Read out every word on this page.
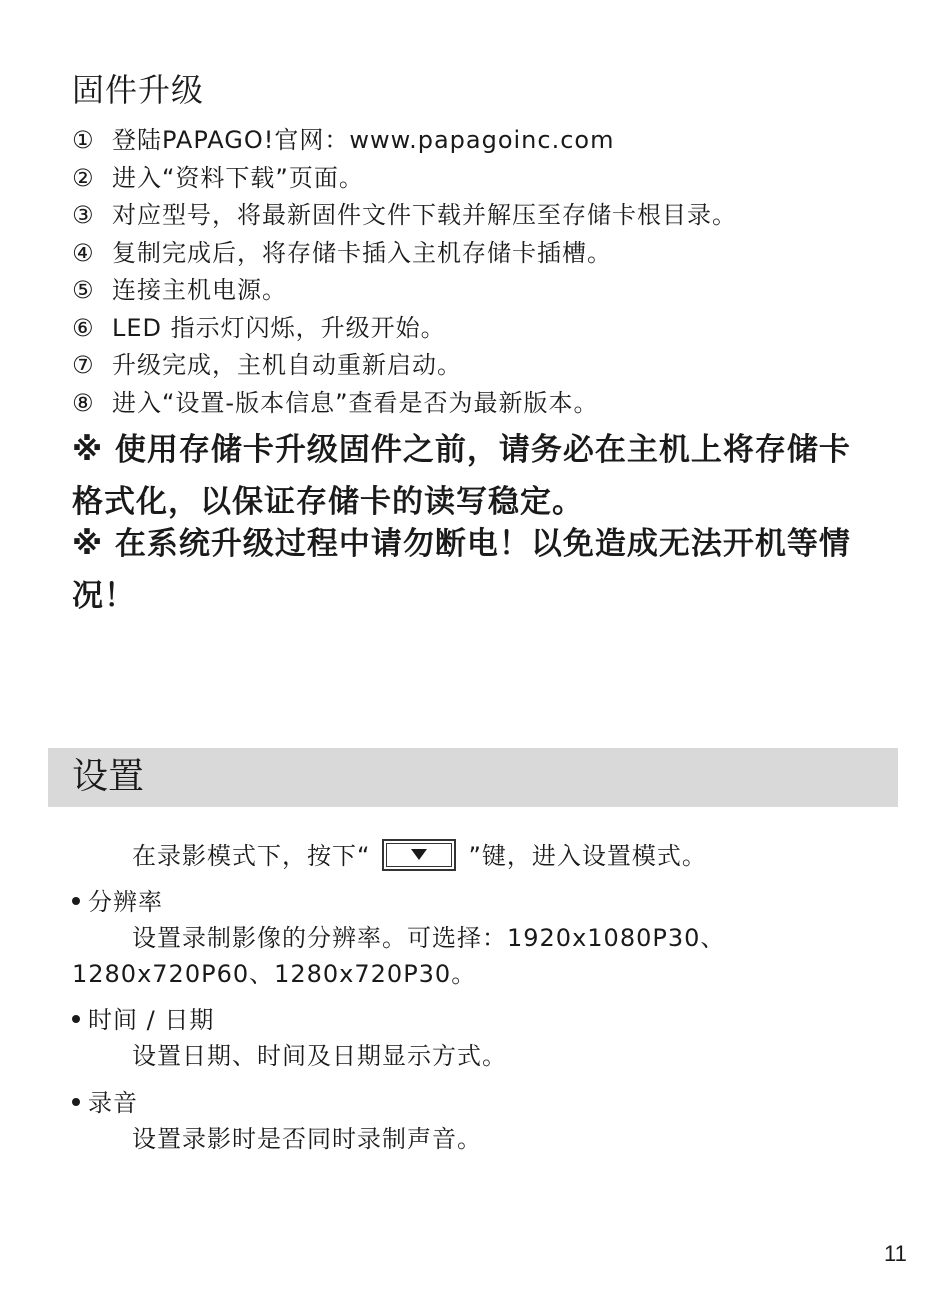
固件升级
① 登陆PAPAGO!官网：www.papagoinc.com
② 进入“资料下载”页面。
③ 对应型号，将最新固件文件下载并解压至存储卡根目录。
④ 复制完成后，将存储卡插入主机存储卡插槽。
⑤ 连接主机电源。
⑥ LED 指示灯闪烁，升级开始。
⑦ 升级完成，主机自动重新启动。
⑧ 进入“设置-版本信息”查看是否为最新版本。
※ 使用存储卡升级固件之前，请务必在主机上将存储卡格式化，以保证存储卡的读写稳定。
※ 在系统升级过程中请勿断电！以免造成无法开机等情况！
设置
在录影模式下，按下“	”键，进入设置模式。
分辨率
设置录制影像的分辨率。可选择：1920x1080P30、1280x720P60、1280x720P30。
时间 / 日期
设置日期、时间及日期显示方式。
录音
设置录影时是否同时录制声音。
11
